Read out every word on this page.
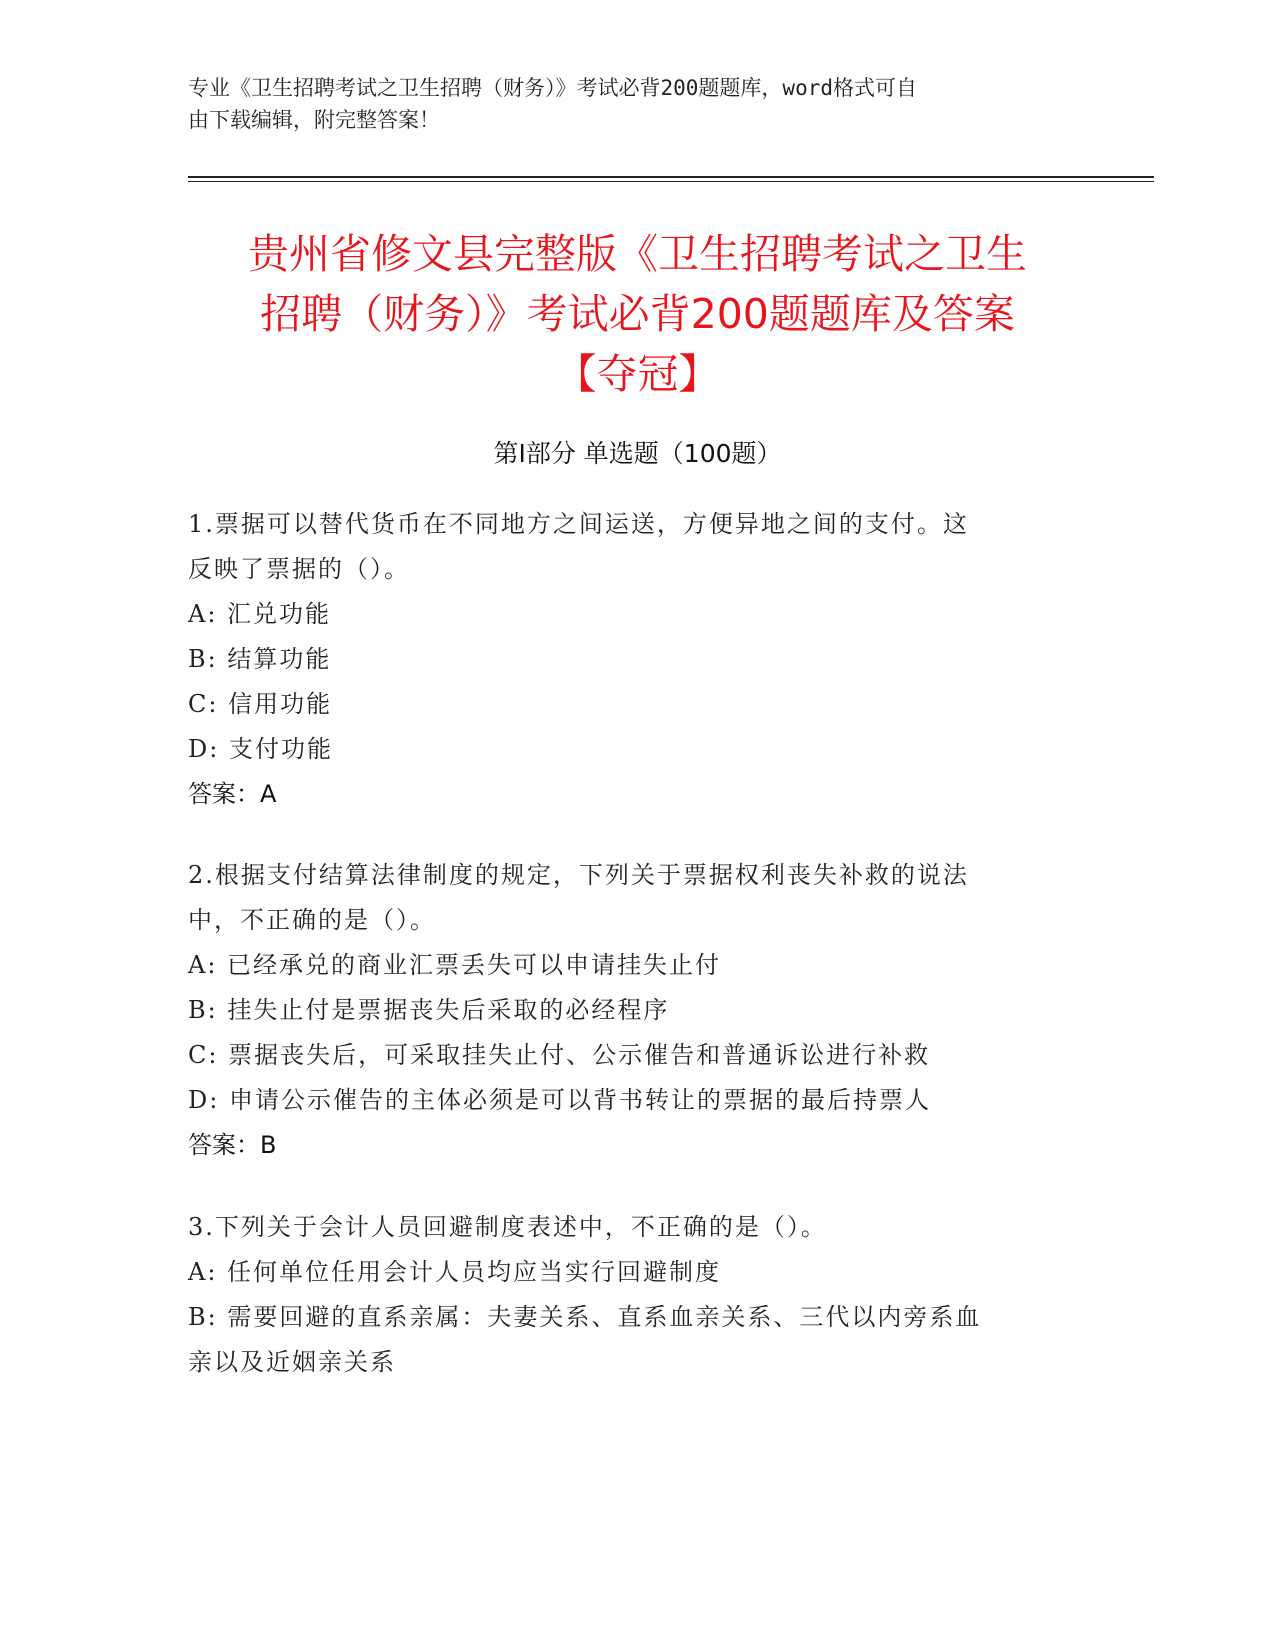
专业《卫生招聘考试之卫生招聘（财务）》考试必背200题题库，word格式可自
由下载编辑，附完整答案！
贵州省修文县完整版《卫生招聘考试之卫生
招聘（财务）》考试必背200题题库及答案
【夺冠】
第Ⅰ部分 单选题（100题）
1.票据可以替代货币在不同地方之间运送，方便异地之间的支付。这
反映了票据的（）。
A: 汇兑功能
B: 结算功能
C: 信用功能
D: 支付功能
答案：A
2.根据支付结算法律制度的规定，下列关于票据权利丧失补救的说法
中，不正确的是（）。
A: 已经承兑的商业汇票丢失可以申请挂失止付
B: 挂失止付是票据丧失后采取的必经程序
C: 票据丧失后，可采取挂失止付、公示催告和普通诉讼进行补救
D: 申请公示催告的主体必须是可以背书转让的票据的最后持票人
答案：B
3.下列关于会计人员回避制度表述中，不正确的是（）。
A: 任何单位任用会计人员均应当实行回避制度
B: 需要回避的直系亲属：夫妻关系、直系血亲关系、三代以内旁系血
亲以及近姻亲关系
